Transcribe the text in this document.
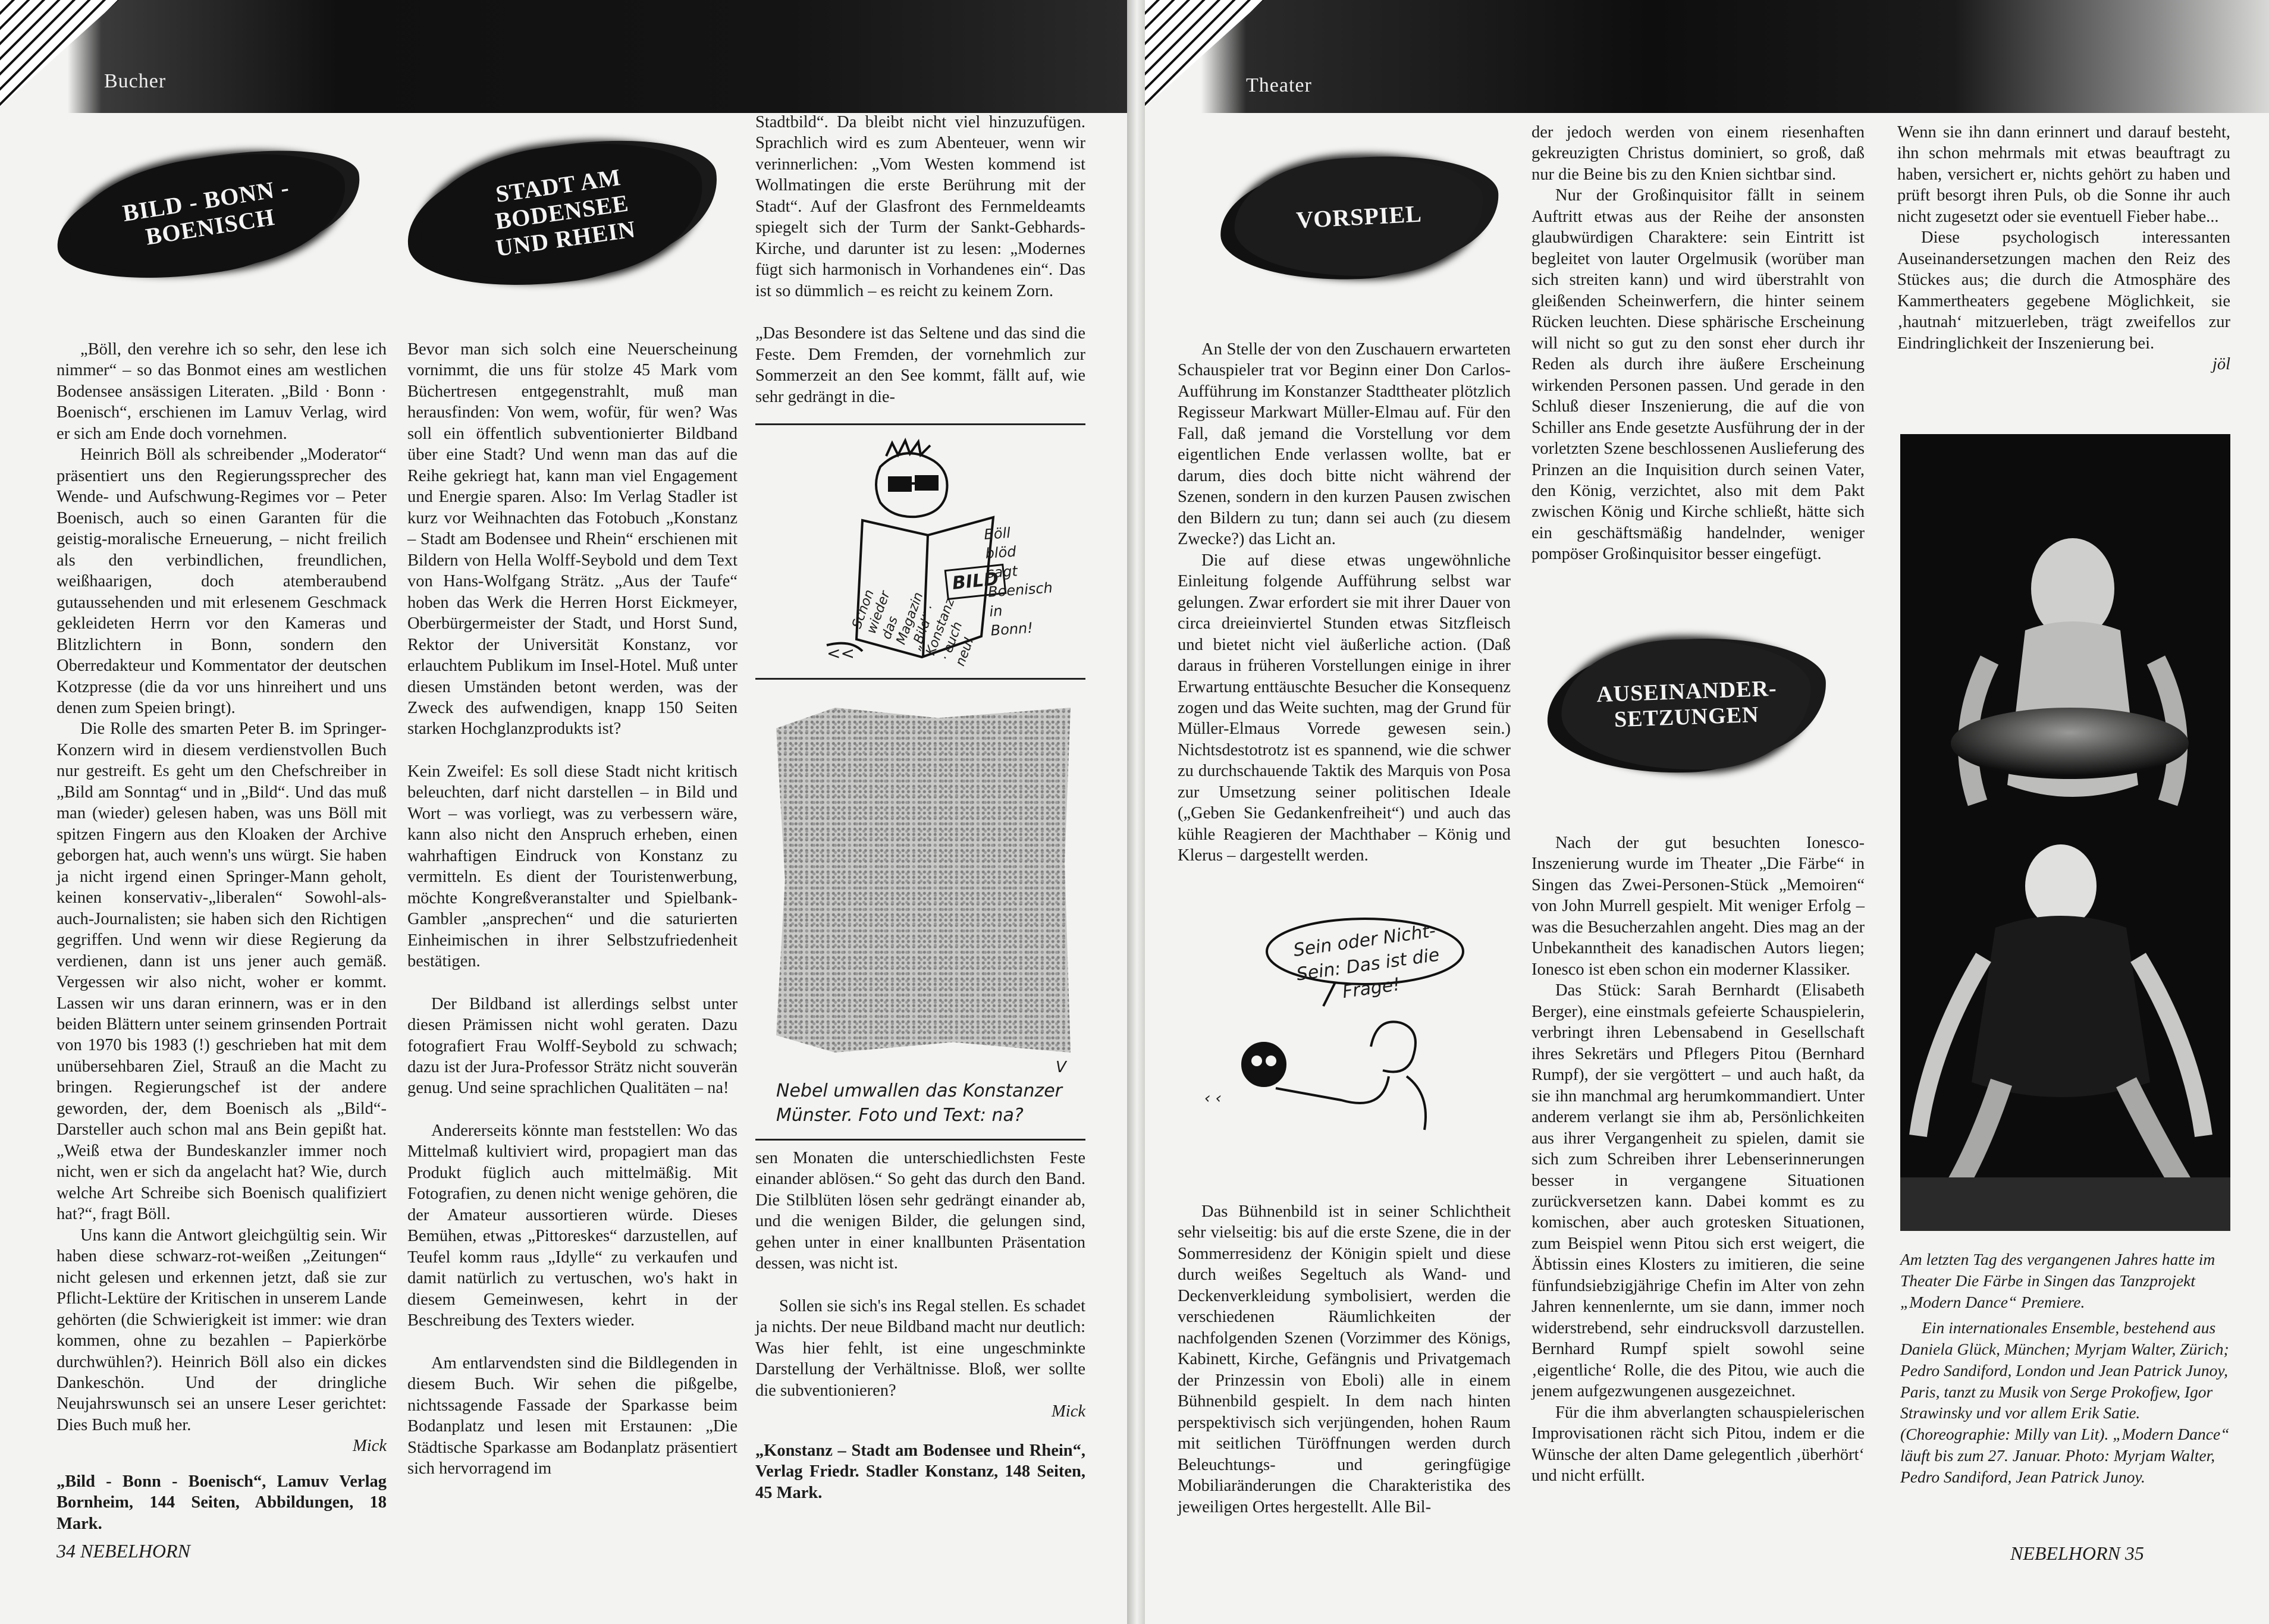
Bucher
BILD - BONN - BOENISCH
STADT AM BODENSEE UND RHEIN

„Böll, den verehre ich so sehr, den lese ich nimmer“ – so das Bonmot eines am westlichen Bodensee ansässigen Literaten. „Bild · Bonn · Boenisch“, erschienen im Lamuv Verlag, wird er sich am Ende doch vornehmen.

Heinrich Böll als schreibender „Moderator“ präsentiert uns den Regierungssprecher des Wende- und Aufschwung-Regimes vor – Peter Boenisch, auch so einen Garanten für die geistig-moralische Erneuerung, – nicht freilich als den verbindlichen, freundlichen, weißhaarigen, doch atemberaubend gutaussehenden und mit erlesenem Geschmack gekleideten Herrn vor den Kameras und Blitzlichtern in Bonn, sondern den Oberredakteur und Kommentator der deutschen Kotzpresse (die da vor uns hinreihert und uns denen zum Speien bringt).

Die Rolle des smarten Peter B. im Springer-Konzern wird in diesem verdienstvollen Buch nur gestreift. Es geht um den Chefschreiber in „Bild am Sonntag“ und in „Bild“. Und das muß man (wieder) gelesen haben, was uns Böll mit spitzen Fingern aus den Kloaken der Archive geborgen hat, auch wenn's uns würgt. Sie haben ja nicht irgend einen Springer-Mann geholt, keinen konservativ-„liberalen“ Sowohl-als-auch-Journalisten; sie haben sich den Richtigen gegriffen. Und wenn wir diese Regierung da verdienen, dann ist uns jener auch gemäß. Vergessen wir also nicht, woher er kommt. Lassen wir uns daran erinnern, was er in den beiden Blättern unter seinem grinsenden Portrait von 1970 bis 1983 (!) geschrieben hat mit dem unübersehbaren Ziel, Strauß an die Macht zu bringen. Regierungschef ist der andere geworden, der, dem Boenisch als „Bild“-Darsteller auch schon mal ans Bein gepißt hat. „Weiß etwa der Bundeskanzler immer noch nicht, wen er sich da angelacht hat? Wie, durch welche Art Schreibe sich Boenisch qualifiziert hat?“, fragt Böll.

Uns kann die Antwort gleichgültig sein. Wir haben diese schwarz-rot-weißen „Zeitungen“ nicht gelesen und erkennen jetzt, daß sie zur Pflicht-Lektüre der Kritischen in unserem Lande gehörten (die Schwierigkeit ist immer: wie dran kommen, ohne zu bezahlen – Papierkörbe durchwühlen?). Heinrich Böll also ein dickes Dankeschön. Und der dringliche Neujahrswunsch sei an unsere Leser gerichtet: Dies Buch muß her.

Mick

„Bild - Bonn - Boenisch“, Lamuv Verlag Bornheim, 144 Seiten, Abbildungen, 18 Mark.

Bevor man sich solch eine Neuerscheinung vornimmt, die uns für stolze 45 Mark vom Büchertresen entgegenstrahlt, muß man herausfinden: Von wem, wofür, für wen? Was soll ein öffentlich subventionierter Bildband über eine Stadt? Und wenn man das auf die Reihe gekriegt hat, kann man viel Engagement und Energie sparen. Also: Im Verlag Stadler ist kurz vor Weihnachten das Fotobuch „Konstanz – Stadt am Bodensee und Rhein“ erschienen mit Bildern von Hella Wolff-Seybold und dem Text von Hans-Wolfgang Strätz. „Aus der Taufe“ hoben das Werk die Herren Horst Eickmeyer, Oberbürgermeister der Stadt, und Horst Sund, Rektor der Universität Konstanz, vor erlauchtem Publikum im Insel-Hotel. Muß unter diesen Umständen betont werden, was der Zweck des aufwendigen, knapp 150 Seiten starken Hochglanzprodukts ist?

Kein Zweifel: Es soll diese Stadt nicht kritisch beleuchten, darf nicht darstellen – in Bild und Wort – was vorliegt, was zu verbessern wäre, kann also nicht den Anspruch erheben, einen wahrhaftigen Eindruck von Konstanz zu vermitteln. Es dient der Touristenwerbung, möchte Kongreßveranstalter und Spielbank-Gambler „ansprechen“ und die saturierten Einheimischen in ihrer Selbstzufriedenheit bestätigen.

Der Bildband ist allerdings selbst unter diesen Prämissen nicht wohl geraten. Dazu fotografiert Frau Wolff-Seybold zu schwach; dazu ist der Jura-Professor Strätz nicht souverän genug. Und seine sprachlichen Qualitäten – na!

Andererseits könnte man feststellen: Wo das Mittelmaß kultiviert wird, propagiert man das Produkt füglich auch mittelmäßig. Mit Fotografien, zu denen nicht wenige gehören, die der Amateur aussortieren würde. Dieses Bemühen, etwas „Pittoreskes“ darzustellen, auf Teufel komm raus „Idylle“ zu verkaufen und damit natürlich zu vertuschen, wo's hakt in diesem Gemeinwesen, kehrt in der Beschreibung des Texters wieder.

Am entlarvendsten sind die Bildlegenden in diesem Buch. Wir sehen die pißgelbe, nichtssagende Fassade der Sparkasse beim Bodanplatz und lesen mit Erstaunen: „Die Städtische Sparkasse am Bodanplatz präsentiert sich hervorragend im

Stadtbild“. Da bleibt nicht viel hinzuzufügen. Sprachlich wird es zum Abenteuer, wenn wir verinnerlichen: „Vom Westen kommend ist Wollmatingen die erste Berührung mit der Stadt“. Auf der Glasfront des Fernmeldeamts spiegelt sich der Turm der Sankt-Gebhards-Kirche, und darunter ist zu lesen: „Modernes fügt sich harmonisch in Vorhandenes ein“. Das ist so dümmlich – es reicht zu keinem Zorn.

„Das Besondere ist das Seltene und das sind die Feste. Dem Fremden, der vornehmlich zur Sommerzeit an den See kommt, fällt auf, wie sehr gedrängt in die-

Schon wieder das Magazin „Bild“ · Konstanz · euch neu!
BILD
Böll blöd sagt Boenisch in Bonn!
<<
V
Nebel umwallen das Konstanzer Münster. Foto und Text: na?

sen Monaten die unterschiedlichsten Feste einander ablösen.“ So geht das durch den Band. Die Stilblüten lösen sehr gedrängt einander ab, und die wenigen Bilder, die gelungen sind, gehen unter in einer knallbunten Präsentation dessen, was nicht ist.

Sollen sie sich's ins Regal stellen. Es schadet ja nichts. Der neue Bildband macht nur deutlich: Was hier fehlt, ist eine ungeschminkte Darstellung der Verhältnisse. Bloß, wer sollte die subventionieren?

Mick

„Konstanz – Stadt am Bodensee und Rhein“, Verlag Friedr. Stadler Konstanz, 148 Seiten, 45 Mark.

34 NEBELHORN
Theater
VORSPIEL

An Stelle der von den Zuschauern erwarteten Schauspieler trat vor Beginn einer Don Carlos-Aufführung im Konstanzer Stadttheater plötzlich Regisseur Markwart Müller-Elmau auf. Für den Fall, daß jemand die Vorstellung vor dem eigentlichen Ende verlassen wollte, bat er darum, dies doch bitte nicht während der Szenen, sondern in den kurzen Pausen zwischen den Bildern zu tun; dann sei auch (zu diesem Zwecke?) das Licht an.

Die auf diese etwas ungewöhnliche Einleitung folgende Aufführung selbst war gelungen. Zwar erfordert sie mit ihrer Dauer von circa dreieinviertel Stunden etwas Sitzfleisch und bietet nicht viel äußerliche action. (Daß daraus in früheren Vorstellungen einige in ihrer Erwartung enttäuschte Besucher die Konsequenz zogen und das Weite suchten, mag der Grund für Müller-Elmaus Vorrede gewesen sein.) Nichtsdestotrotz ist es spannend, wie die schwer zu durchschauende Taktik des Marquis von Posa zur Umsetzung seiner politischen Ideale („Geben Sie Gedankenfreiheit“) und auch das kühle Reagieren der Machthaber – König und Klerus – dargestellt werden.

Sein oder Nicht-Sein: Das ist die Frage!
‹ ‹

Das Bühnenbild ist in seiner Schlichtheit sehr vielseitig: bis auf die erste Szene, die in der Sommerresidenz der Königin spielt und diese durch weißes Segeltuch als Wand- und Deckenverkleidung symbolisiert, werden die verschiedenen Räumlichkeiten der nachfolgenden Szenen (Vorzimmer des Königs, Kabinett, Kirche, Gefängnis und Privatgemach der Prinzessin von Eboli) alle in einem Bühnenbild gespielt. In dem nach hinten perspektivisch sich verjüngenden, hohen Raum mit seitlichen Türöffnungen werden durch Beleuchtungs- und geringfügige Mobiliaränderungen die Charakteristika des jeweiligen Ortes hergestellt. Alle Bil-

der jedoch werden von einem riesenhaften gekreuzigten Christus dominiert, so groß, daß nur die Beine bis zu den Knien sichtbar sind.

Nur der Großinquisitor fällt in seinem Auftritt etwas aus der Reihe der ansonsten glaubwürdigen Charaktere: sein Eintritt ist begleitet von lauter Orgelmusik (worüber man sich streiten kann) und wird überstrahlt von gleißenden Scheinwerfern, die hinter seinem Rücken leuchten. Diese sphärische Erscheinung will nicht so gut zu den sonst eher durch ihr Reden als durch ihre äußere Erscheinung wirkenden Personen passen. Und gerade in den Schluß dieser Inszenierung, die auf die von Schiller ans Ende gesetzte Ausführung der in der vorletzten Szene beschlossenen Auslieferung des Prinzen an die Inquisition durch seinen Vater, den König, verzichtet, also mit dem Pakt zwischen König und Kirche schließt, hätte sich ein geschäftsmäßig handelnder, weniger pompöser Großinquisitor besser eingefügt.

AUSEINANDER-SETZUNGEN

Nach der gut besuchten Ionesco-Inszenierung wurde im Theater „Die Färbe“ in Singen das Zwei-Personen-Stück „Memoiren“ von John Murrell gespielt. Mit weniger Erfolg – was die Besucherzahlen angeht. Dies mag an der Unbekanntheit des kanadischen Autors liegen; Ionesco ist eben schon ein moderner Klassiker.

Das Stück: Sarah Bernhardt (Elisabeth Berger), eine einstmals gefeierte Schauspielerin, verbringt ihren Lebensabend in Gesellschaft ihres Sekretärs und Pflegers Pitou (Bernhard Rumpf), der sie vergöttert – und auch haßt, da sie ihn manchmal arg herumkommandiert. Unter anderem verlangt sie ihm ab, Persönlichkeiten aus ihrer Vergangenheit zu spielen, damit sie sich zum Schreiben ihrer Lebenserinnerungen besser in vergangene Situationen zurückversetzen kann. Dabei kommt es zu komischen, aber auch grotesken Situationen, zum Beispiel wenn Pitou sich erst weigert, die Äbtissin eines Klosters zu imitieren, die seine fünfundsiebzigjährige Chefin im Alter von zehn Jahren kennenlernte, um sie dann, immer noch widerstrebend, sehr eindrucksvoll darzustellen. Bernhard Rumpf spielt sowohl seine ‚eigentliche‘ Rolle, die des Pitou, wie auch die jenem aufgezwungenen ausgezeichnet.

Für die ihm abverlangten schauspielerischen Improvisationen rächt sich Pitou, indem er die Wünsche der alten Dame gelegentlich ‚überhört‘ und nicht erfüllt.

Wenn sie ihn dann erinnert und darauf besteht, ihn schon mehrmals mit etwas beauftragt zu haben, versichert er, nichts gehört zu haben und prüft besorgt ihren Puls, ob die Sonne ihr auch nicht zugesetzt oder sie eventuell Fieber habe...

Diese psychologisch interessanten Auseinandersetzungen machen den Reiz des Stückes aus; die durch die Atmosphäre des Kammertheaters gegebene Möglichkeit, sie ‚hautnah‘ mitzuerleben, trägt zweifellos zur Eindringlichkeit der Inszenierung bei.

jöl

Am letzten Tag des vergangenen Jahres hatte im Theater Die Färbe in Singen das Tanzprojekt „Modern Dance“ Premiere.

Ein internationales Ensemble, bestehend aus Daniela Glück, München; Myrjam Walter, Zürich; Pedro Sandiford, London und Jean Patrick Junoy, Paris, tanzt zu Musik von Serge Prokofjew, Igor Strawinsky und vor allem Erik Satie. (Choreographie: Milly van Lit). „Modern Dance“ läuft bis zum 27. Januar. Photo: Myrjam Walter, Pedro Sandiford, Jean Patrick Junoy.

NEBELHORN 35
